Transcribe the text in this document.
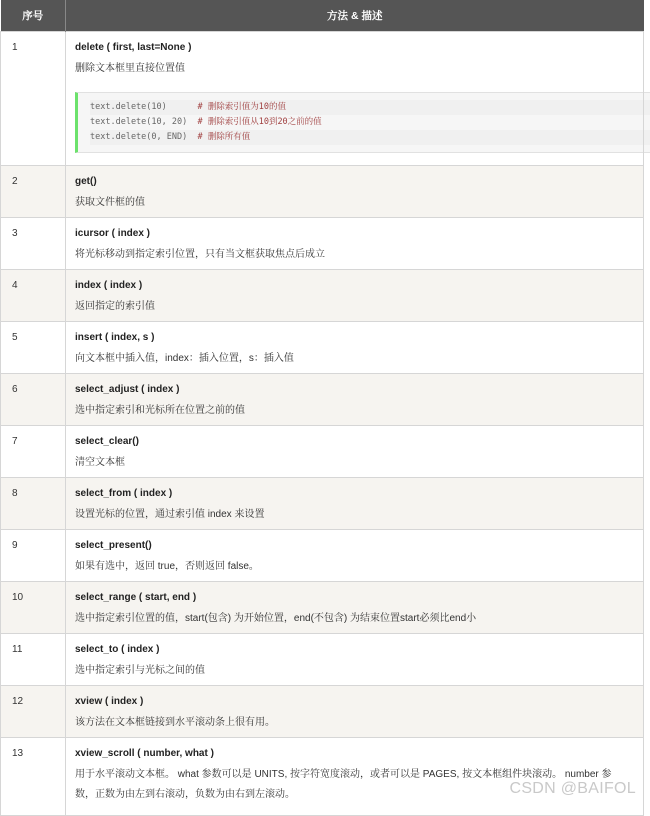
序号	方法 & 描述
1	delete ( first, last=None )
删除文本框里直接位置值
text.delete(10)      # 删除索引值为10的值
text.delete(10, 20)  # 删除索引值从10到20之前的值
text.delete(0, END)  # 删除所有值

2	get()
获取文件框的值

3	icursor ( index )
将光标移动到指定索引位置，只有当文框获取焦点后成立

4	index ( index )
返回指定的索引值

5	insert ( index, s )
向文本框中插入值，index：插入位置，s：插入值

6	select_adjust ( index )
选中指定索引和光标所在位置之前的值

7	select_clear()
清空文本框

8	select_from ( index )
设置光标的位置，通过索引值 index 来设置

9	select_present()
如果有选中，返回 true，否则返回 false。

10	select_range ( start, end )
选中指定索引位置的值，start(包含) 为开始位置，end(不包含) 为结束位置start必须比end小

11	select_to ( index )
选中指定索引与光标之间的值

12	xview ( index )
该方法在文本框链接到水平滚动条上很有用。

13	xview_scroll ( number, what )
用于水平滚动文本框。 what 参数可以是 UNITS, 按字符宽度滚动，或者可以是 PAGES, 按文本框组件块滚动。 number 参数，正数为由左到右滚动，负数为由右到左滚动。	CSDN @BAIFOL
